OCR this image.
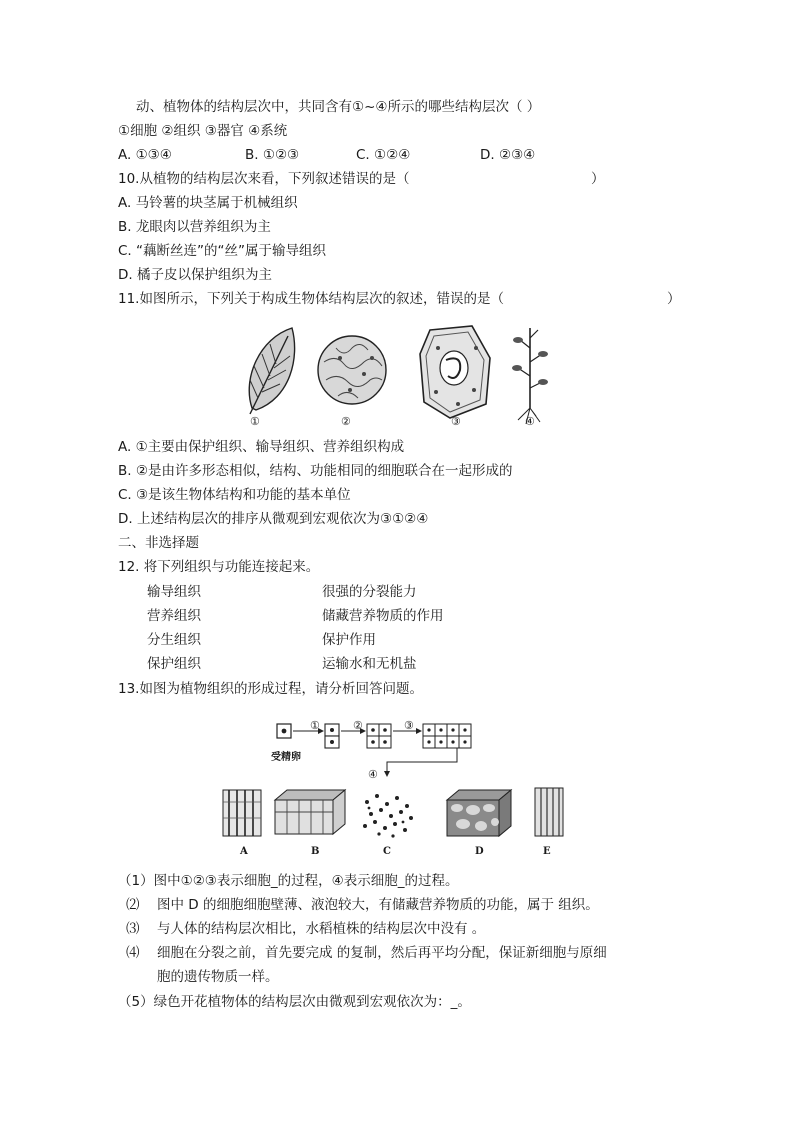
动、植物体的结构层次中，共同含有①~④所示的哪些结构层次（ ）
①细胞 ②组织 ③器官 ④系统
A. ①③④	B. ①②③	C. ①②④	D. ②③④
10.从植物的结构层次来看，下列叙述错误的是（	）
A. 马铃薯的块茎属于机械组织
B. 龙眼肉以营养组织为主
C. “藕断丝连”的“丝”属于输导组织
D. 橘子皮以保护组织为主
11.如图所示，下列关于构成生物体结构层次的叙述，错误的是（	）
①	②	③	④
A. ①主要由保护组织、输导组织、营养组织构成
B. ②是由许多形态相似，结构、功能相同的细胞联合在一起形成的
C. ③是该生物体结构和功能的基本单位
D. 上述结构层次的排序从微观到宏观依次为③①②④
二、非选择题
12. 将下列组织与功能连接起来。
输导组织
营养组织
分生组织
保护组织
很强的分裂能力
储藏营养物质的作用
保护作用
运输水和无机盐
13.如图为植物组织的形成过程，请分析回答问题。
①	②	③
④
受精卵
A	B	C	D	E
（1）图中①②③表示细胞_的过程，④表示细胞_的过程。
⑵ 图中 D 的细胞细胞壁薄、液泡较大，有储藏营养物质的功能，属于 组织。
⑶ 与人体的结构层次相比，水稻植株的结构层次中没有 。
⑷ 细胞在分裂之前，首先要完成 的复制，然后再平均分配，保证新细胞与原细
胞的遗传物质一样。
（5）绿色开花植物体的结构层次由微观到宏观依次为：_。
